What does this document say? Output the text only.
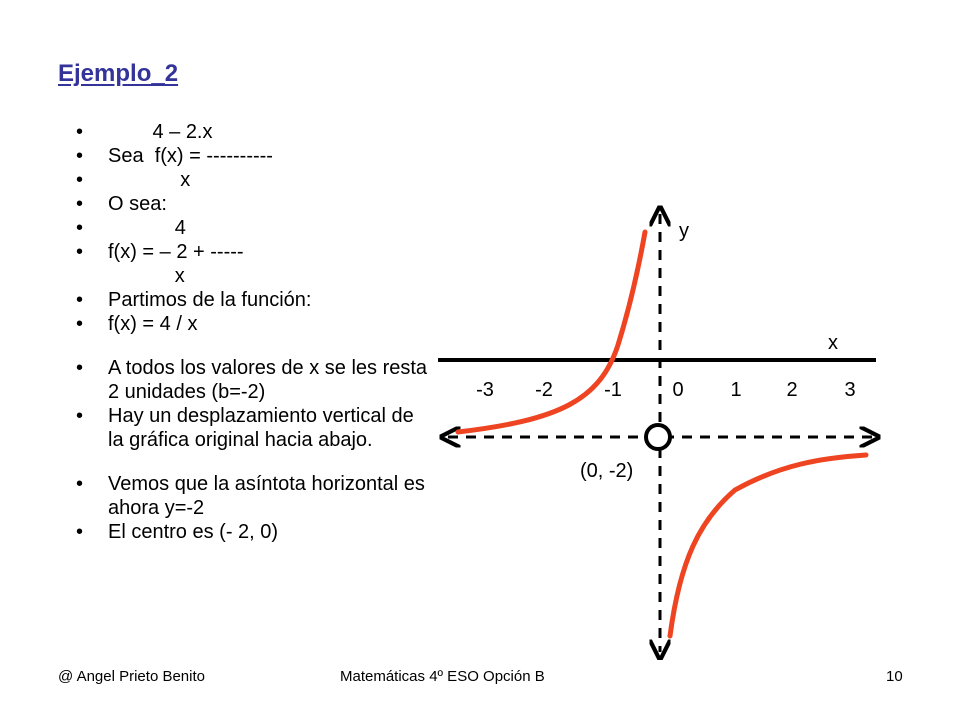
Ejemplo_2
• 4 – 2.x
• Sea  f(x) = ----------
• x
• O sea:
• 4
• f(x) = – 2 + -----
x
• Partimos de la función:
• f(x) = 4 / x
• A todos los valores de x se les resta 2 unidades (b=-2)
• Hay un desplazamiento vertical de la gráfica original hacia abajo.
• Vemos que la asíntota horizontal es ahora y=-2
• El centro es (- 2, 0)
y
x
-3 -2	-1	0 1 2 3
(0, -2)
@ Angel Prieto Benito	Matemáticas 4º ESO Opción B	10
